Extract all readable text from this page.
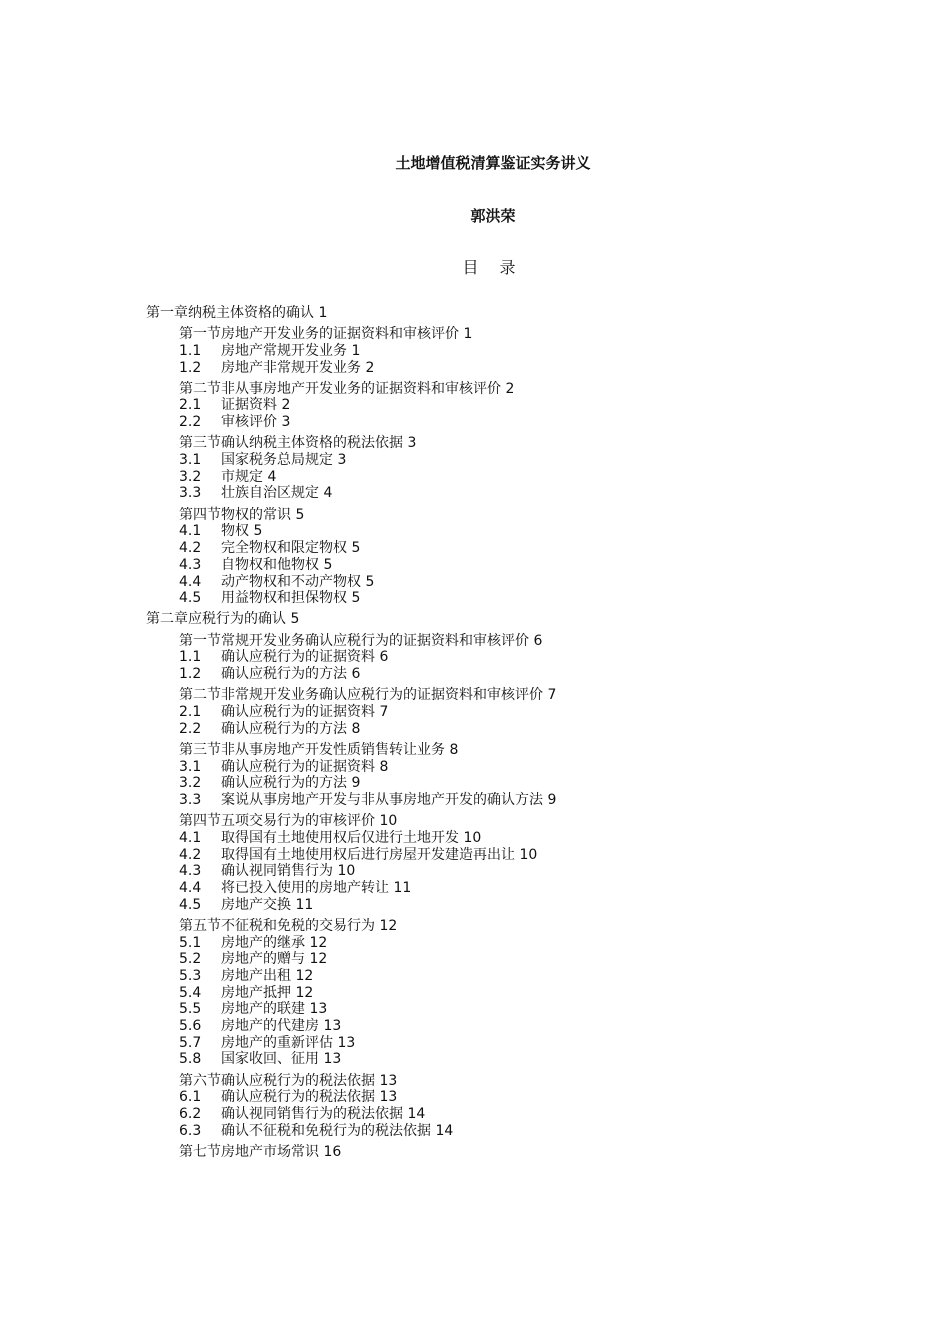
土地增值税清算鉴证实务讲义
郭洪荣
目 录
第一章纳税主体资格的确认 1
第一节房地产开发业务的证据资料和审核评价 1
1.1 房地产常规开发业务 1
1.2 房地产非常规开发业务 2
第二节非从事房地产开发业务的证据资料和审核评价 2
2.1 证据资料 2
2.2 审核评价 3
第三节确认纳税主体资格的税法依据 3
3.1 国家税务总局规定 3
3.2 市规定 4
3.3 壮族自治区规定 4
第四节物权的常识 5
4.1 物权 5
4.2 完全物权和限定物权 5
4.3 自物权和他物权 5
4.4 动产物权和不动产物权 5
4.5 用益物权和担保物权 5
第二章应税行为的确认 5
第一节常规开发业务确认应税行为的证据资料和审核评价 6
1.1 确认应税行为的证据资料 6
1.2 确认应税行为的方法 6
第二节非常规开发业务确认应税行为的证据资料和审核评价 7
2.1 确认应税行为的证据资料 7
2.2 确认应税行为的方法 8
第三节非从事房地产开发性质销售转让业务 8
3.1 确认应税行为的证据资料 8
3.2 确认应税行为的方法 9
3.3 案说从事房地产开发与非从事房地产开发的确认方法 9
第四节五项交易行为的审核评价 10
4.1 取得国有土地使用权后仅进行土地开发 10
4.2 取得国有土地使用权后进行房屋开发建造再出让 10
4.3 确认视同销售行为 10
4.4 将已投入使用的房地产转让 11
4.5 房地产交换 11
第五节不征税和免税的交易行为 12
5.1 房地产的继承 12
5.2 房地产的赠与 12
5.3 房地产出租 12
5.4 房地产抵押 12
5.5 房地产的联建 13
5.6 房地产的代建房 13
5.7 房地产的重新评估 13
5.8 国家收回、征用 13
第六节确认应税行为的税法依据 13
6.1 确认应税行为的税法依据 13
6.2 确认视同销售行为的税法依据 14
6.3 确认不征税和免税行为的税法依据 14
第七节房地产市场常识 16
